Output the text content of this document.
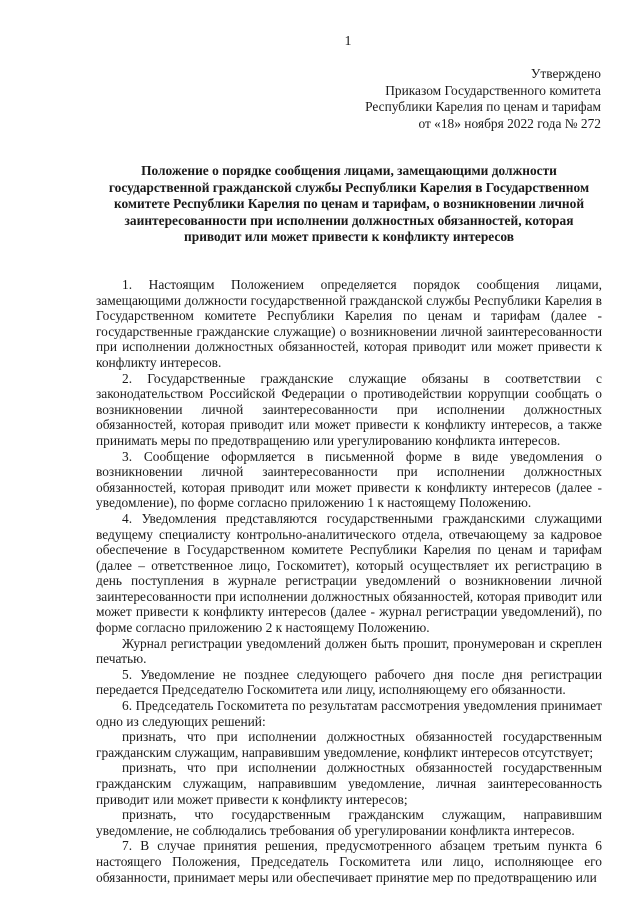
1
Утверждено
Приказом Государственного комитета
Республики Карелия по ценам и тарифам
от «18» ноября 2022 года № 272
Положение о порядке сообщения лицами, замещающими должности государственной гражданской службы Республики Карелия в Государственном комитете Республики Карелия по ценам и тарифам, о возникновении личной заинтересованности при исполнении должностных обязанностей, которая приводит или может привести к конфликту интересов

1. Настоящим Положением определяется порядок сообщения лицами, замещающими должности государственной гражданской службы Республики Карелия в Государственном комитете Республики Карелия по ценам и тарифам (далее - государственные гражданские служащие) о возникновении личной заинтересованности при исполнении должностных обязанностей, которая приводит или может привести к конфликту интересов.

2. Государственные гражданские служащие обязаны в соответствии с законодательством Российской Федерации о противодействии коррупции сообщать о возникновении личной заинтересованности при исполнении должностных обязанностей, которая приводит или может привести к конфликту интересов, а также принимать меры по предотвращению или урегулированию конфликта интересов.

3. Сообщение оформляется в письменной форме в виде уведомления о возникновении личной заинтересованности при исполнении должностных обязанностей, которая приводит или может привести к конфликту интересов (далее - уведомление), по форме согласно приложению 1 к настоящему Положению.

4. Уведомления представляются государственными гражданскими служащими ведущему специалисту контрольно-аналитического отдела, отвечающему за кадровое обеспечение в Государственном комитете Республики Карелия по ценам и тарифам (далее – ответственное лицо, Госкомитет), который осуществляет их регистрацию в день поступления в журнале регистрации уведомлений о возникновении личной заинтересованности при исполнении должностных обязанностей, которая приводит или может привести к конфликту интересов (далее - журнал регистрации уведомлений), по форме согласно приложению 2 к настоящему Положению.

Журнал регистрации уведомлений должен быть прошит, пронумерован и скреплен печатью.

5. Уведомление не позднее следующего рабочего дня после дня регистрации передается Председателю Госкомитета или лицу, исполняющему его обязанности.

6. Председатель Госкомитета по результатам рассмотрения уведомления принимает одно из следующих решений:

признать, что при исполнении должностных обязанностей государственным гражданским служащим, направившим уведомление, конфликт интересов отсутствует;

признать, что при исполнении должностных обязанностей государственным гражданским служащим, направившим уведомление, личная заинтересованность приводит или может привести к конфликту интересов;

признать, что государственным гражданским служащим, направившим уведомление, не соблюдались требования об урегулировании конфликта интересов.

7. В случае принятия решения, предусмотренного абзацем третьим пункта 6 настоящего Положения, Председатель Госкомитета или лицо, исполняющее его обязанности, принимает меры или обеспечивает принятие мер по предотвращению или
